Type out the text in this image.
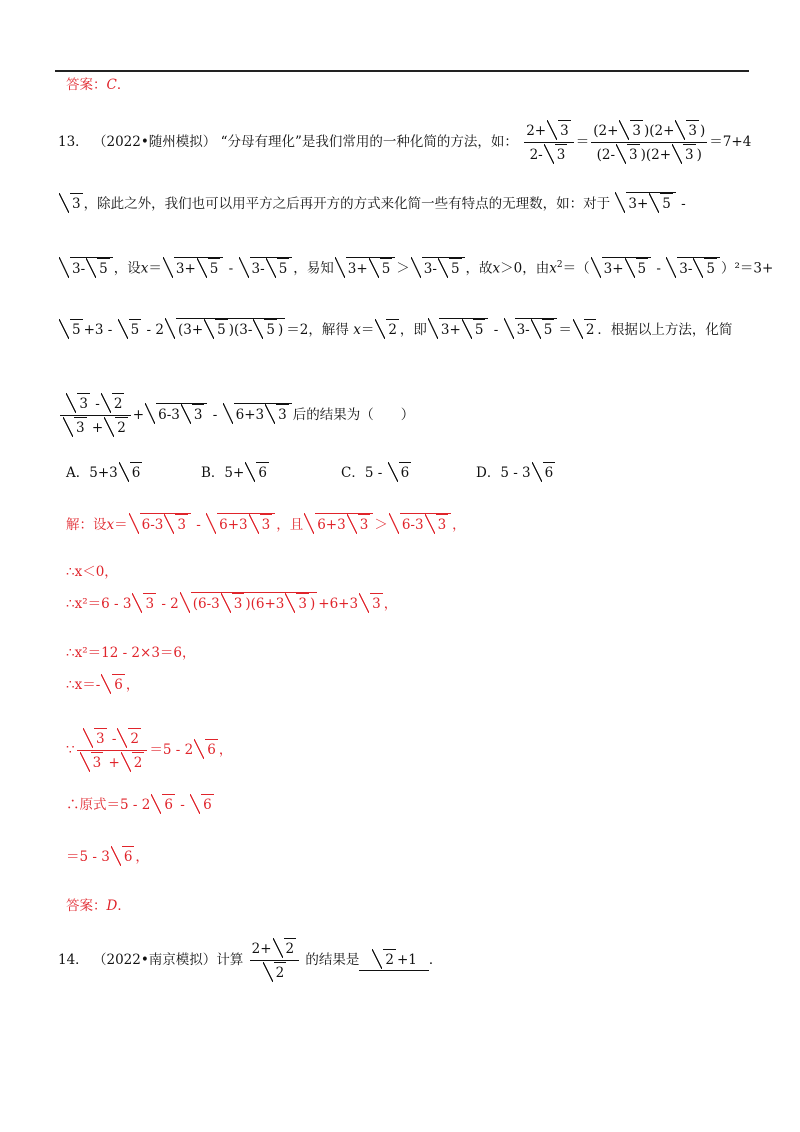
答案：C．
13． （2022•随州模拟） “分母有理化”是我们常用的一种化简的方法，如： $\frac{2+ 3}{2- 3} = \frac{(2+ 3 )(2+ 3 )}{(2- 3 )(2+ 3 )} =7+4$
3 ，除此之外，我们也可以用平方之后再开方的方式来化简一些有特点的无理数，如：对于 3+ 5 -
3- 5 ，设x＝ 3+ 5 - 3- 5 ，易知 3+ 5 ＞ 3- 5 ，故x＞0，由$x^2=$（ 3+ 5 - 3- 5 ）²＝3+
5 +3 - 5 - 2 (3+ 5 )(3- 5 ) ＝2，解得 x＝ 2 ，即 3+ 5 - 3- 5 ＝ 2 ．根据以上方法，化简
$\frac{3 - 2}{3 + 2} + 6-3$ 3 - 6+3 3 后的结果为（　　）
A．5+3 6	B．5+ 6	C．5 - 6	D．5 - 3 6
解：设x＝ 6-3 3 - 6+3 3 ，且 6+3 3 ＞ 6-3 3 ，
∴x＜0，
∴x²＝6 - 3 3 - 2 (6-3 3 )(6+3 3 ) +6+3 3 ，
∴x²＝12 - 2×3＝6，
∴x＝- 6 ，
∵ $\frac{3 - 2}{3 + 2} =5 - 2$ 6 ，
∴原式＝5 - 2 6 - 6
＝5 - 3 6 ，
答案：D．
14． （2022•南京模拟）计算 $\frac{2+ 2}{2}$ 的结果是 2 +1 ．
